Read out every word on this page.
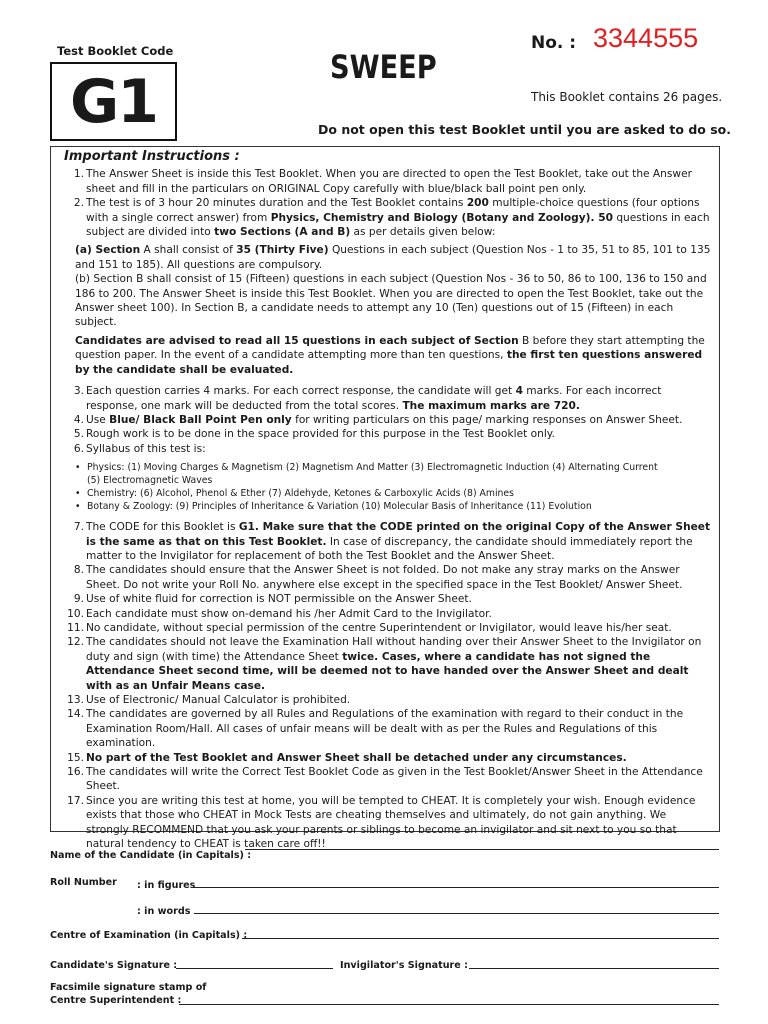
Test Booklet Code
G1	SWEEP
No. : 3344555
This Booklet contains 26 pages.
Do not open this test Booklet until you are asked to do so.
Important Instructions :
1. The Answer Sheet is inside this Test Booklet. When you are directed to open the Test Booklet, take out the Answer sheet and fill in the particulars on ORIGINAL Copy carefully with blue/black ball point pen only.
2. The test is of 3 hour 20 minutes duration and the Test Booklet contains 200 multiple-choice questions (four options with a single correct answer) from Physics, Chemistry and Biology (Botany and Zoology). 50 questions in each subject are divided into two Sections (A and B) as per details given below:
(a) Section A shall consist of 35 (Thirty Five) Questions in each subject (Question Nos - 1 to 35, 51 to 85, 101 to 135 and 151 to 185). All questions are compulsory.
(b) Section B shall consist of 15 (Fifteen) questions in each subject (Question Nos - 36 to 50, 86 to 100, 136 to 150 and 186 to 200. The Answer Sheet is inside this Test Booklet. When you are directed to open the Test Booklet, take out the Answer sheet 100). In Section B, a candidate needs to attempt any 10 (Ten) questions out of 15 (Fifteen) in each subject.
Candidates are advised to read all 15 questions in each subject of Section B before they start attempting the question paper. In the event of a candidate attempting more than ten questions, the first ten questions answered by the candidate shall be evaluated.
3. Each question carries 4 marks. For each correct response, the candidate will get 4 marks. For each incorrect response, one mark will be deducted from the total scores. The maximum marks are 720.
4. Use Blue/ Black Ball Point Pen only for writing particulars on this page/ marking responses on Answer Sheet.
5. Rough work is to be done in the space provided for this purpose in the Test Booklet only.
6. Syllabus of this test is:
• Physics: (1) Moving Charges & Magnetism (2) Magnetism And Matter (3) Electromagnetic Induction (4) Alternating Current (5) Electromagnetic Waves
• Chemistry: (6) Alcohol, Phenol & Ether (7) Aldehyde, Ketones & Carboxylic Acids (8) Amines
• Botany & Zoology: (9) Principles of Inheritance & Variation (10) Molecular Basis of Inheritance (11) Evolution
7. The CODE for this Booklet is G1. Make sure that the CODE printed on the original Copy of the Answer Sheet is the same as that on this Test Booklet. In case of discrepancy, the candidate should immediately report the matter to the Invigilator for replacement of both the Test Booklet and the Answer Sheet.
8. The candidates should ensure that the Answer Sheet is not folded. Do not make any stray marks on the Answer Sheet. Do not write your Roll No. anywhere else except in the specified space in the Test Booklet/ Answer Sheet.
9. Use of white fluid for correction is NOT permissible on the Answer Sheet.
10. Each candidate must show on-demand his /her Admit Card to the Invigilator.
11. No candidate, without special permission of the centre Superintendent or Invigilator, would leave his/her seat.
12. The candidates should not leave the Examination Hall without handing over their Answer Sheet to the Invigilator on duty and sign (with time) the Attendance Sheet twice. Cases, where a candidate has not signed the Attendance Sheet second time, will be deemed not to have handed over the Answer Sheet and dealt with as an Unfair Means case.
13. Use of Electronic/ Manual Calculator is prohibited.
14. The candidates are governed by all Rules and Regulations of the examination with regard to their conduct in the Examination Room/Hall. All cases of unfair means will be dealt with as per the Rules and Regulations of this examination.
15. No part of the Test Booklet and Answer Sheet shall be detached under any circumstances.
16. The candidates will write the Correct Test Booklet Code as given in the Test Booklet/Answer Sheet in the Attendance Sheet.
17. Since you are writing this test at home, you will be tempted to CHEAT. It is completely your wish. Enough evidence exists that those who CHEAT in Mock Tests are cheating themselves and ultimately, do not gain anything. We strongly RECOMMEND that you ask your parents or siblings to become an invigilator and sit next to you so that natural tendency to CHEAT is taken care off!!
Name of the Candidate (in Capitals) :
Roll Number : in figures
: in words
Centre of Examination (in Capitals) :
Candidate's Signature :	Invigilator's Signature :
Facsimile signature stamp of
Centre Superintendent :
